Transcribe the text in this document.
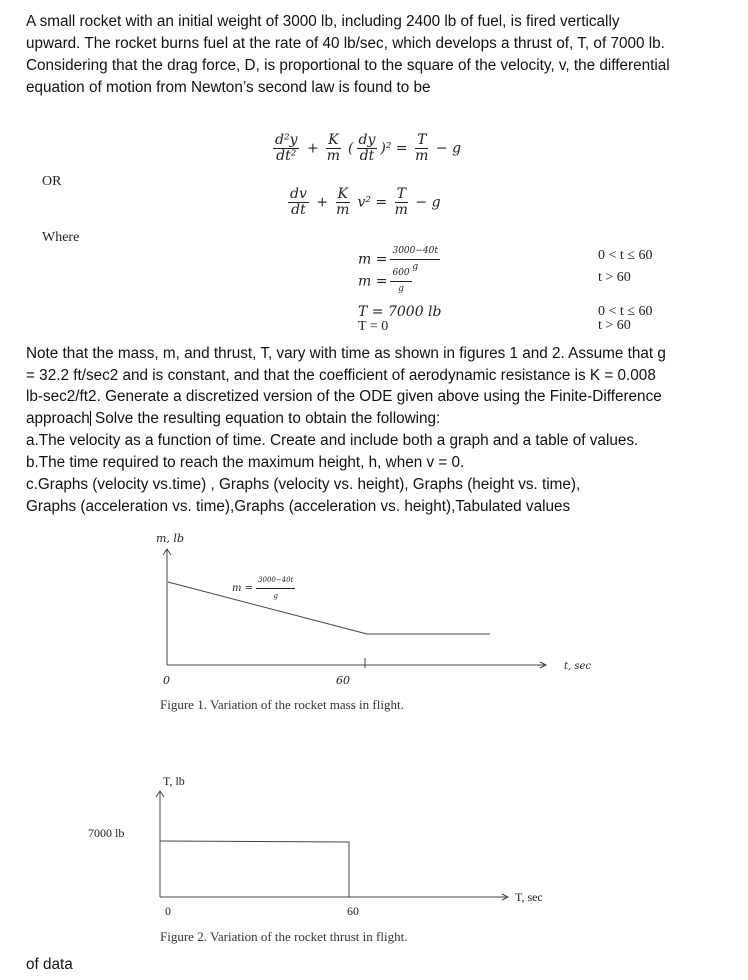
A small rocket with an initial weight of 3000 lb, including 2400 lb of fuel, is fired vertically
upward. The rocket burns fuel at the rate of 40 lb/sec, which develops a thrust of, T, of 7000 lb.
Considering that the drag force, D, is proportional to the square of the velocity, v, the differential
equation of motion from Newton’s second law is found to be
$\frac{\text{d²y}}{\text{dt²}} + \frac{K}{m}$ ( $\frac{dy}{dt} )^2 = \frac{T}{m} - g$
OR
$\frac{dv}{dt} + \frac{K}{m} v^2 = \frac{T}{m} - g$
Where
$m = \frac{3000-40t}{g}$
$m = \frac{600}{g}$
0 < t ≤ 60
t > 60
T = 7000 lb
T = 0
0 < t ≤ 60
t > 60
Note that the mass, m, and thrust, T, vary with time as shown in figures 1 and 2. Assume that g
= 32.2 ft/sec2 and is constant, and that the coefficient of aerodynamic resistance is K = 0.008
lb-sec2/ft2. Generate a discretized version of the ODE given above using the Finite-Difference
approach Solve the resulting equation to obtain the following:
a.The velocity as a function of time. Create and include both a graph and a table of values.
b.The time required to reach the maximum height, h, when v = 0.
c.Graphs (velocity vs.time) , Graphs (velocity vs. height), Graphs (height vs. time),
Graphs (acceleration vs. time),Graphs (acceleration vs. height),Tabulated values
m, lb
$m = \frac{3000-40t}{g}$
0	60
t, sec
Figure 1. Variation of the rocket mass in flight.
T, lb
7000 lb
0	60
T, sec
Figure 2. Variation of the rocket thrust in flight.
of data
